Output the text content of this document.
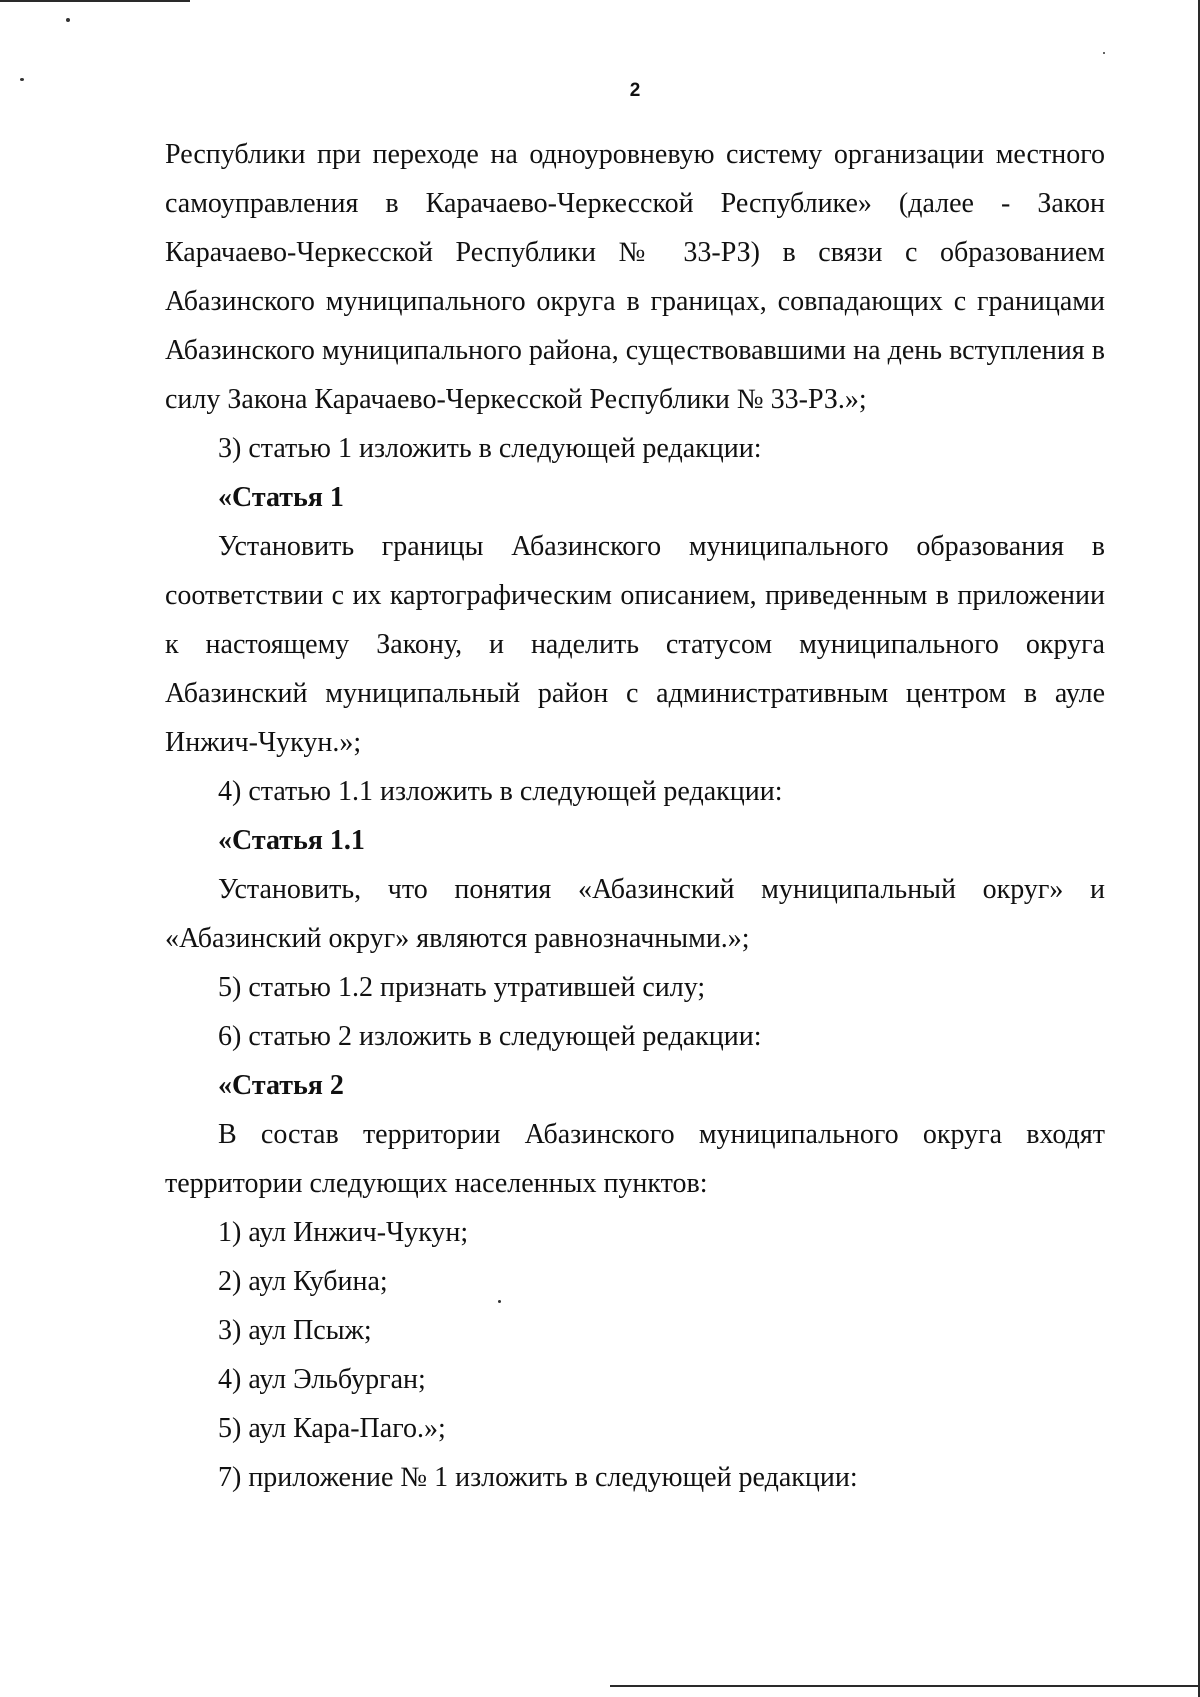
2

Республики при переходе на одноуровневую систему организации местного самоуправления в Карачаево-Черкесской Республике» (далее - Закон Карачаево-Черкесской Республики № 33-РЗ) в связи с образованием Абазинского муниципального округа в границах, совпадающих с границами Абазинского муниципального района, существовавшими на день вступления в силу Закона Карачаево-Черкесской Республики № 33-РЗ.»;

3) статью 1 изложить в следующей редакции:

«Статья 1

Установить границы Абазинского муниципального образования в соответствии с их картографическим описанием, приведенным в приложении к настоящему Закону, и наделить статусом муниципального округа Абазинский муниципальный район с административным центром в ауле Инжич-Чукун.»;

4) статью 1.1 изложить в следующей редакции:

«Статья 1.1

Установить, что понятия «Абазинский муниципальный округ» и «Абазинский округ» являются равнозначными.»;

5) статью 1.2 признать утратившей силу;

6) статью 2 изложить в следующей редакции:

«Статья 2

В состав территории Абазинского муниципального округа входят территории следующих населенных пунктов:

1) аул Инжич-Чукун;

2) аул Кубина;

3) аул Псыж;

4) аул Эльбурган;

5) аул Кара-Паго.»;

7) приложение № 1 изложить в следующей редакции:
